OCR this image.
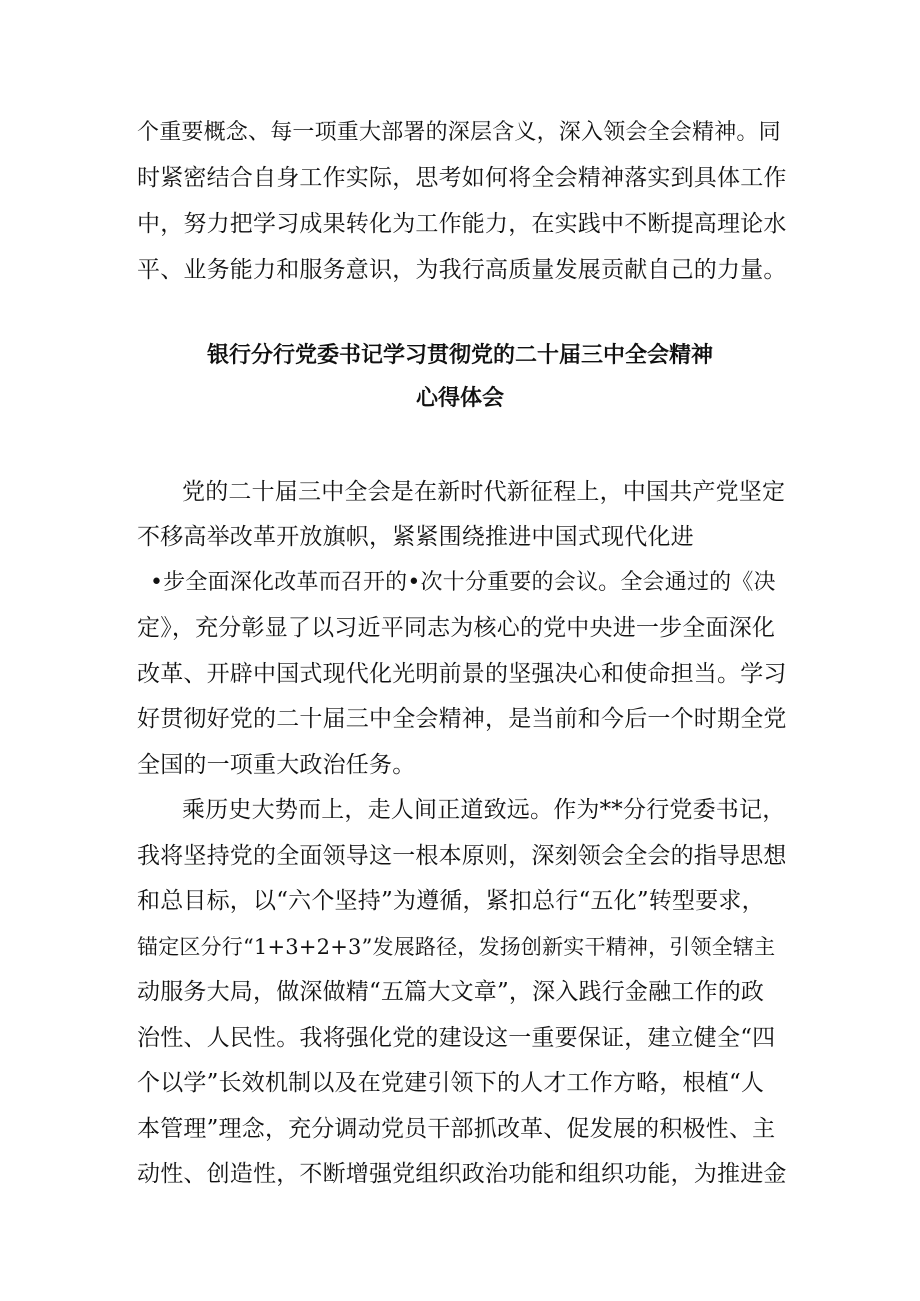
个重要概念、每一项重大部署的深层含义，深入领会全会精神。同
时紧密结合自身工作实际，思考如何将全会精神落实到具体工作
中，努力把学习成果转化为工作能力，在实践中不断提高理论水
平、业务能力和服务意识，为我行高质量发展贡献自己的力量。
银行分行党委书记学习贯彻党的二十届三中全会精神
心得体会
党的二十届三中全会是在新时代新征程上，中国共产党坚定
不移高举改革开放旗帜，紧紧围绕推进中国式现代化进
•步全面深化改革而召开的•次十分重要的会议。全会通过的《决
定》，充分彰显了以习近平同志为核心的党中央进一步全面深化
改革、开辟中国式现代化光明前景的坚强决心和使命担当。学习
好贯彻好党的二十届三中全会精神，是当前和今后一个时期全党
全国的一项重大政治任务。
乘历史大势而上，走人间正道致远。作为**分行党委书记，
我将坚持党的全面领导这一根本原则，深刻领会全会的指导思想
和总目标，以“六个坚持”为遵循，紧扣总行“五化”转型要求，
锚定区分行“1+3+2+3”发展路径，发扬创新实干精神，引领全辖主
动服务大局，做深做精“五篇大文章”，深入践行金融工作的政
治性、人民性。我将强化党的建设这一重要保证，建立健全“四
个以学”长效机制以及在党建引领下的人才工作方略，根植“人
本管理”理念，充分调动党员干部抓改革、促发展的积极性、主
动性、创造性，不断增强党组织政治功能和组织功能，为推进金
